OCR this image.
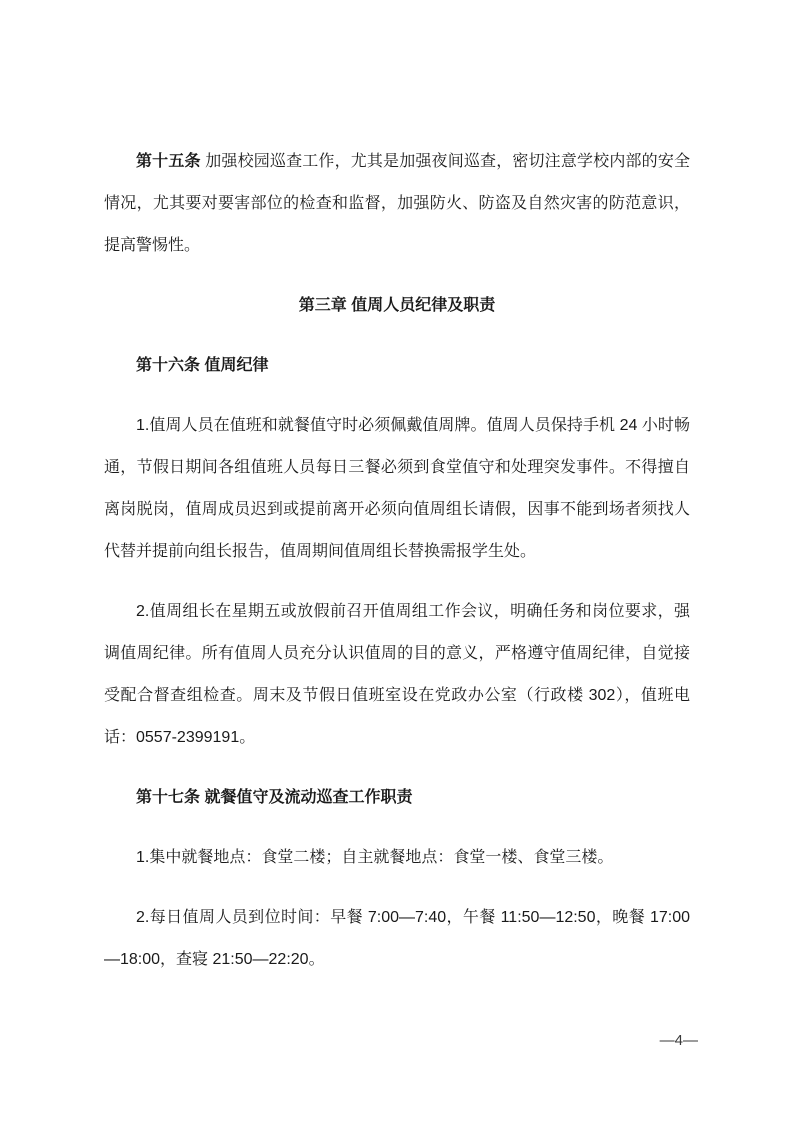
第十五条 加强校园巡查工作，尤其是加强夜间巡查，密切注意学校内部的安全情况，尤其要对要害部位的检查和监督，加强防火、防盗及自然灾害的防范意识，提高警惕性。

第三章 值周人员纪律及职责

第十六条 值周纪律

1.值周人员在值班和就餐值守时必须佩戴值周牌。值周人员保持手机 24 小时畅通，节假日期间各组值班人员每日三餐必须到食堂值守和处理突发事件。不得擅自离岗脱岗，值周成员迟到或提前离开必须向值周组长请假，因事不能到场者须找人代替并提前向组长报告，值周期间值周组长替换需报学生处。

2.值周组长在星期五或放假前召开值周组工作会议，明确任务和岗位要求，强调值周纪律。所有值周人员充分认识值周的目的意义，严格遵守值周纪律，自觉接受配合督查组检查。周末及节假日值班室设在党政办公室（行政楼 302），值班电话：0557-2399191。

第十七条 就餐值守及流动巡查工作职责

1.集中就餐地点：食堂二楼；自主就餐地点：食堂一楼、食堂三楼。

2.每日值周人员到位时间：早餐 7:00—7:40，午餐 11:50—12:50，晚餐 17:00—18:00，查寝 21:50—22:20。

—4—
